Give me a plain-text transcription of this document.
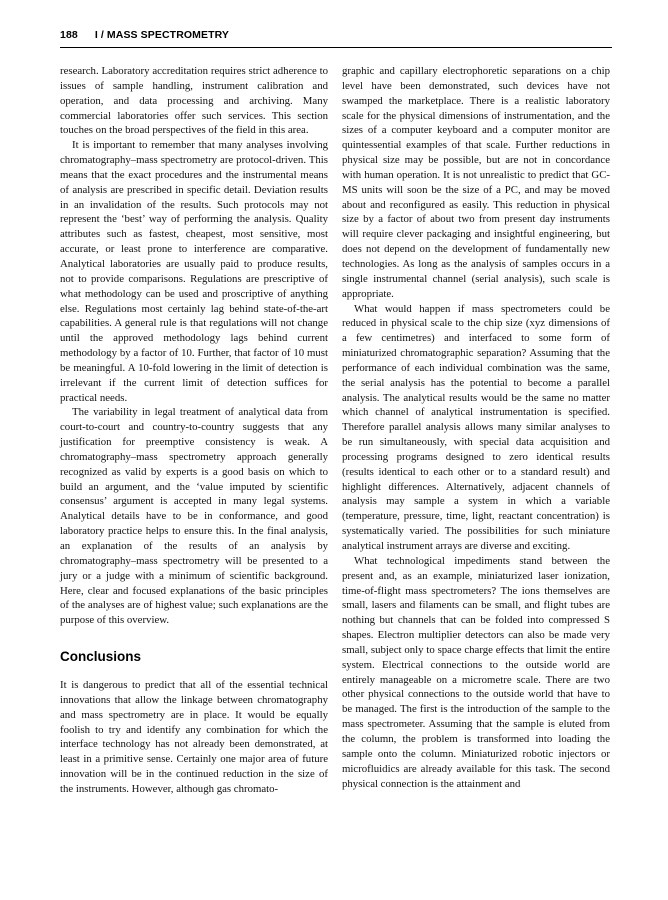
188 I / MASS SPECTROMETRY

research. Laboratory accreditation requires strict adherence to issues of sample handling, instrument calibration and operation, and data processing and archiving. Many commercial laboratories offer such services. This section touches on the broad perspectives of the field in this area.

It is important to remember that many analyses involving chromatography–mass spectrometry are protocol-driven. This means that the exact procedures and the instrumental means of analysis are prescribed in specific detail. Deviation results in an invalidation of the results. Such protocols may not represent the ‘best’ way of performing the analysis. Quality attributes such as fastest, cheapest, most sensitive, most accurate, or least prone to interference are comparative. Analytical laboratories are usually paid to produce results, not to provide comparisons. Regulations are prescriptive of what methodology can be used and proscriptive of anything else. Regulations most certainly lag behind state-of-the-art capabilities. A general rule is that regulations will not change until the approved methodology lags behind current methodology by a factor of 10. Further, that factor of 10 must be meaningful. A 10-fold lowering in the limit of detection is irrelevant if the current limit of detection suffices for practical needs.

The variability in legal treatment of analytical data from court-to-court and country-to-country suggests that any justification for preemptive consistency is weak. A chromatography–mass spectrometry approach generally recognized as valid by experts is a good basis on which to build an argument, and the ‘value imputed by scientific consensus’ argument is accepted in many legal systems. Analytical details have to be in conformance, and good laboratory practice helps to ensure this. In the final analysis, an explanation of the results of an analysis by chromatography–mass spectrometry will be presented to a jury or a judge with a minimum of scientific background. Here, clear and focused explanations of the basic principles of the analyses are of highest value; such explanations are the purpose of this overview.

Conclusions

It is dangerous to predict that all of the essential technical innovations that allow the linkage between chromatography and mass spectrometry are in place. It would be equally foolish to try and identify any combination for which the interface technology has not already been demonstrated, at least in a primitive sense. Certainly one major area of future innovation will be in the continued reduction in the size of the instruments. However, although gas chromato-

graphic and capillary electrophoretic separations on a chip level have been demonstrated, such devices have not swamped the marketplace. There is a realistic laboratory scale for the physical dimensions of instrumentation, and the sizes of a computer keyboard and a computer monitor are quintessential examples of that scale. Further reductions in physical size may be possible, but are not in concordance with human operation. It is not unrealistic to predict that GC-MS units will soon be the size of a PC, and may be moved about and reconfigured as easily. This reduction in physical size by a factor of about two from present day instruments will require clever packaging and insightful engineering, but does not depend on the development of fundamentally new technologies. As long as the analysis of samples occurs in a single instrumental channel (serial analysis), such scale is appropriate.

What would happen if mass spectrometers could be reduced in physical scale to the chip size (xyz dimensions of a few centimetres) and interfaced to some form of miniaturized chromatographic separation? Assuming that the performance of each individual combination was the same, the serial analysis has the potential to become a parallel analysis. The analytical results would be the same no matter which channel of analytical instrumentation is specified. Therefore parallel analysis allows many similar analyses to be run simultaneously, with special data acquisition and processing programs designed to zero identical results (results identical to each other or to a standard result) and highlight differences. Alternatively, adjacent channels of analysis may sample a system in which a variable (temperature, pressure, time, light, reactant concentration) is systematically varied. The possibilities for such miniature analytical instrument arrays are diverse and exciting.

What technological impediments stand between the present and, as an example, miniaturized laser ionization, time-of-flight mass spectrometers? The ions themselves are small, lasers and filaments can be small, and flight tubes are nothing but channels that can be folded into compressed S shapes. Electron multiplier detectors can also be made very small, subject only to space charge effects that limit the entire system. Electrical connections to the outside world are entirely manageable on a micrometre scale. There are two other physical connections to the outside world that have to be managed. The first is the introduction of the sample to the mass spectrometer. Assuming that the sample is eluted from the column, the problem is transformed into loading the sample onto the column. Miniaturized robotic injectors or microfluidics are already available for this task. The second physical connection is the attainment and
